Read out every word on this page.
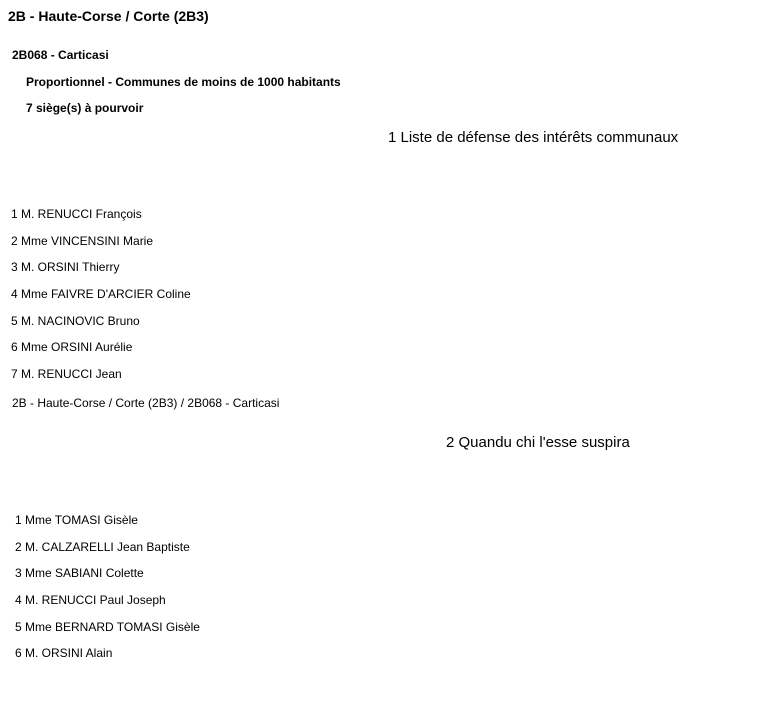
2B - Haute-Corse / Corte (2B3)
2B068 - Carticasi
Proportionnel - Communes de moins de 1000 habitants
7 siège(s) à pourvoir
1 Liste de défense des intérêts communaux
1 M. RENUCCI François
2 Mme VINCENSINI Marie
3 M. ORSINI Thierry
4 Mme FAIVRE D'ARCIER Coline
5 M. NACINOVIC Bruno
6 Mme ORSINI Aurélie
7 M. RENUCCI Jean
2B - Haute-Corse / Corte (2B3) / 2B068 - Carticasi
2 Quandu chi l'esse suspira
1 Mme TOMASI Gisèle
2 M. CALZARELLI Jean Baptiste
3 Mme SABIANI Colette
4 M. RENUCCI Paul Joseph
5 Mme BERNARD TOMASI Gisèle
6 M. ORSINI Alain
